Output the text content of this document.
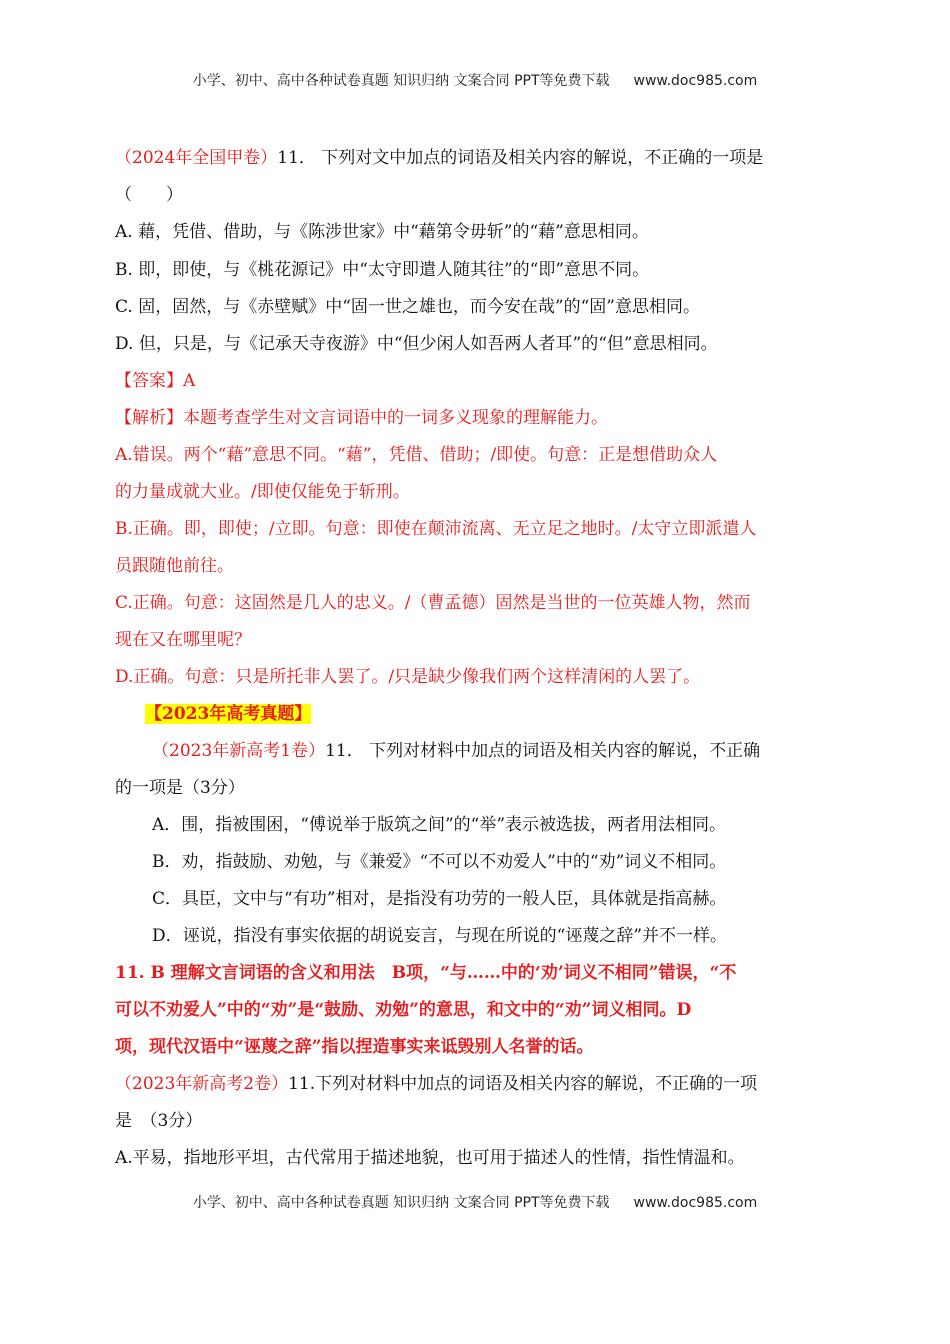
小学、初中、高中各种试卷真题 知识归纳 文案合同 PPT等免费下载 www.doc985.com
（2024年全国甲卷）11． 下列对文中加点的词语及相关内容的解说，不正确的一项是
（　　）
A. 藉，凭借、借助，与《陈涉世家》中“藉第令毋斩”的“藉”意思相同。
B. 即，即使，与《桃花源记》中“太守即遣人随其往”的“即”意思不同。
C. 固，固然，与《赤壁赋》中“固一世之雄也，而今安在哉”的“固”意思相同。
D. 但，只是，与《记承天寺夜游》中“但少闲人如吾两人者耳”的“但”意思相同。
【答案】A
【解析】本题考查学生对文言词语中的一词多义现象的理解能力。
A.错误。两个“藉”意思不同。“藉”，凭借、借助；/即使。句意：正是想借助众人
的力量成就大业。/即使仅能免于斩刑。
B.正确。即，即使；/立即。句意：即使在颠沛流离、无立足之地时。/太守立即派遣人
员跟随他前往。
C.正确。句意：这固然是几人的忠义。/（曹孟德）固然是当世的一位英雄人物，然而
现在又在哪里呢？
D.正确。句意：只是所托非人罢了。/只是缺少像我们两个这样清闲的人罢了。
【2023年高考真题】
（2023年新高考1卷）11． 下列对材料中加点的词语及相关内容的解说，不正确
的一项是（3分）
A．围，指被围困，“傅说举于版筑之间”的“举”表示被选拔，两者用法相同。
B．劝，指鼓励、劝勉，与《兼爱》“不可以不劝爱人”中的“劝”词义不相同。
C．具臣，文中与“有功”相对，是指没有功劳的一般人臣，具体就是指高赫。
D．诬说，指没有事实依据的胡说妄言，与现在所说的“诬蔑之辞”并不一样。
11. B 理解文言词语的含义和用法　B项，“与……中的‘劝’词义不相同”错误，“不
可以不劝爱人”中的“劝”是“鼓励、劝勉”的意思，和文中的“劝”词义相同。D
项，现代汉语中“诬蔑之辞”指以捏造事实来诋毁别人名誉的话。
（2023年新高考2卷）11.下列对材料中加点的词语及相关内容的解说，不正确的一项
是　（3分）
A.平易，指地形平坦，古代常用于描述地貌，也可用于描述人的性情，指性情温和。
小学、初中、高中各种试卷真题 知识归纳 文案合同 PPT等免费下载 www.doc985.com
